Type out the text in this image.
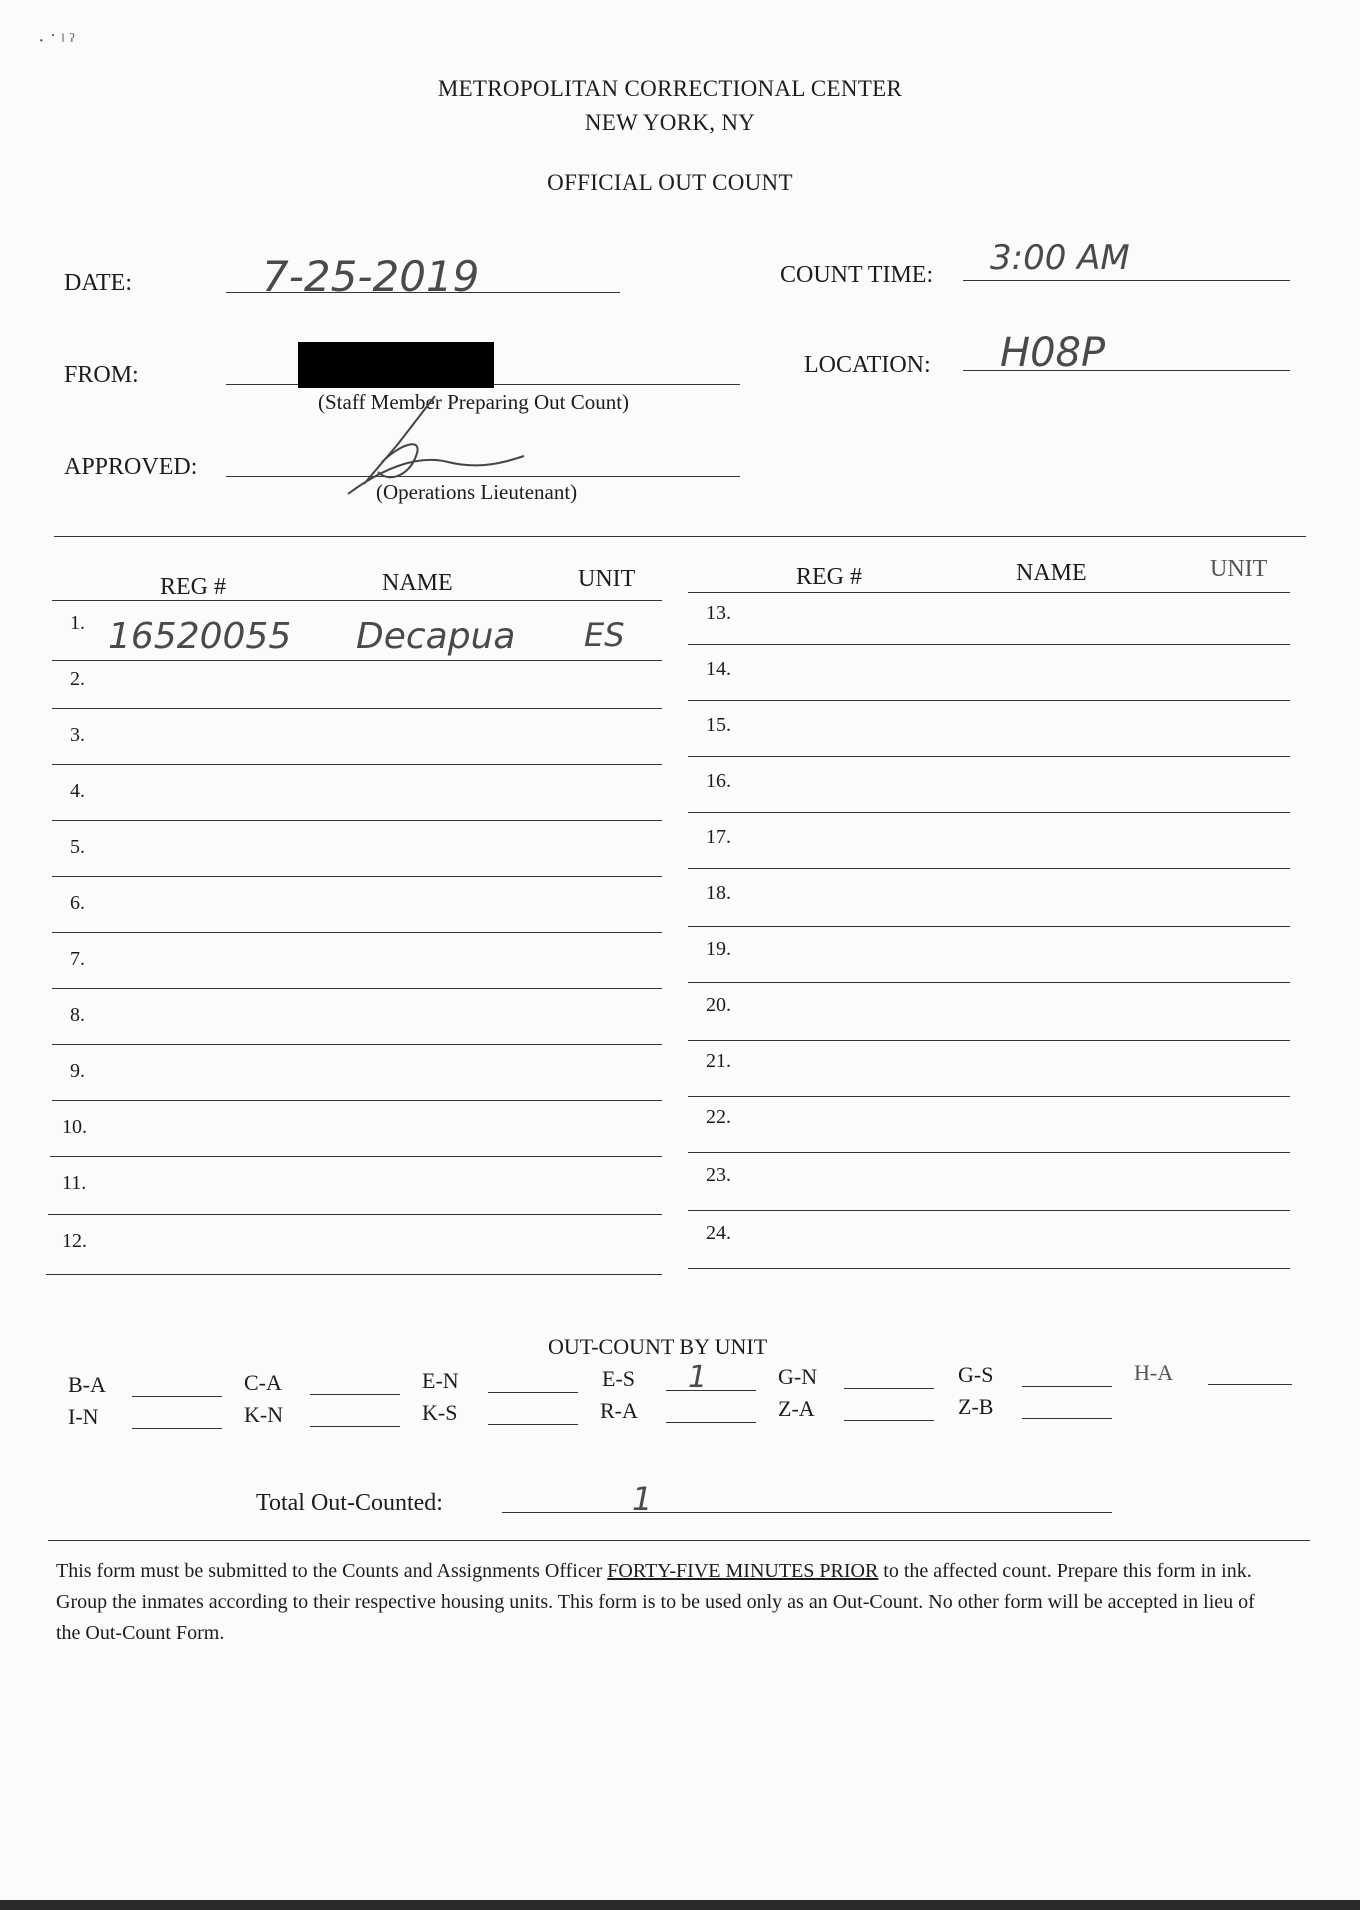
· ˙ ˡ ˀ
METROPOLITAN CORRECTIONAL CENTER
NEW YORK, NY
OFFICIAL OUT COUNT
DATE:	7-25-2019	COUNT TIME: 3:00 AM
FROM:
(Staff Member Preparing Out Count)
LOCATION: H08P
APPROVED:
(Operations Lieutenant)
REG #	NAME	UNIT	REG #	NAME	UNIT
1. 16520055 Decapua ES
2.
3.
4.
5.
6.
7.
8.
9.
10.
11.
12.
13.
14.
15.
16.
17.
18.
19.
20.
21.
22.
23.
24.
OUT-COUNT BY UNIT
B-A	C-A	E-N	E-S 1	G-N	G-S	H-A
I-N	K-N	K-S	R-A	Z-A	Z-B
Total Out-Counted:	1
This form must be submitted to the Counts and Assignments Officer FORTY-FIVE MINUTES PRIOR to the affected count. Prepare this form in ink. Group the inmates according to their respective housing units. This form is to be used only as an Out-Count. No other form will be accepted in lieu of the Out-Count Form.
